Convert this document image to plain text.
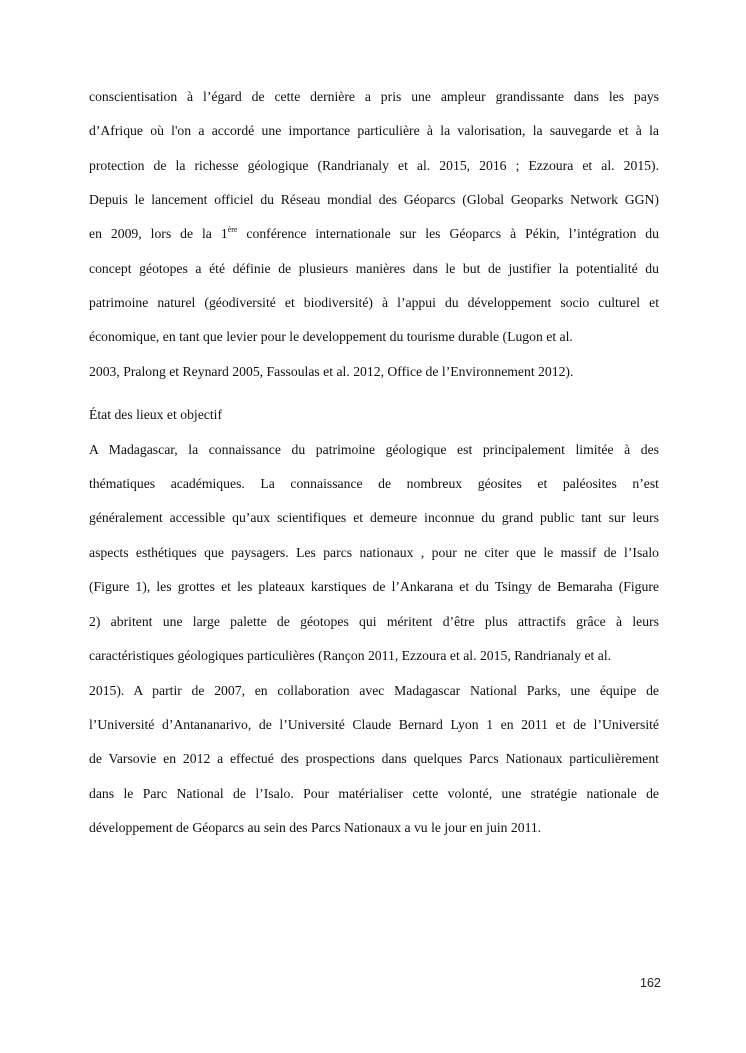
conscientisation à l’égard de cette dernière a pris une ampleur grandissante dans les pays
d’Afrique où l'on a accordé une importance particulière à la valorisation, la sauvegarde et à la
protection de la richesse géologique (Randrianaly et al. 2015, 2016 ; Ezzoura et al. 2015).
Depuis le lancement officiel du Réseau mondial des Géoparcs (Global Geoparks Network GGN)
en 2009, lors de la 1ère conférence internationale sur les Géoparcs à Pékin, l’intégration du
concept géotopes a été définie de plusieurs manières dans le but de justifier la potentialité du
patrimoine naturel (géodiversité et biodiversité) à l’appui du développement socio culturel et
économique, en tant que levier pour le developpement du tourisme durable (Lugon et al.
2003, Pralong et Reynard 2005, Fassoulas et al. 2012, Office de l’Environnement 2012).
État des lieux et objectif
A Madagascar, la connaissance du patrimoine géologique est principalement limitée à des
thématiques académiques. La connaissance de nombreux géosites et paléosites n’est
généralement accessible qu’aux scientifiques et demeure inconnue du grand public tant sur leurs
aspects esthétiques que paysagers. Les parcs nationaux , pour ne citer que le massif de l’Isalo
(Figure 1), les grottes et les plateaux karstiques de l’Ankarana et du Tsingy de Bemaraha (Figure
2) abritent une large palette de géotopes qui méritent d’être plus attractifs grâce à leurs
caractéristiques géologiques particulières (Rançon 2011, Ezzoura et al. 2015, Randrianaly et al.
2015). A partir de 2007, en collaboration avec Madagascar National Parks, une équipe de
l’Université d’Antananarivo, de l’Université Claude Bernard Lyon 1 en 2011 et de l’Université
de Varsovie en 2012 a effectué des prospections dans quelques Parcs Nationaux particulièrement
dans le Parc National de l’Isalo. Pour matérialiser cette volonté, une stratégie nationale de
développement de Géoparcs au sein des Parcs Nationaux a vu le jour en juin 2011.
162
